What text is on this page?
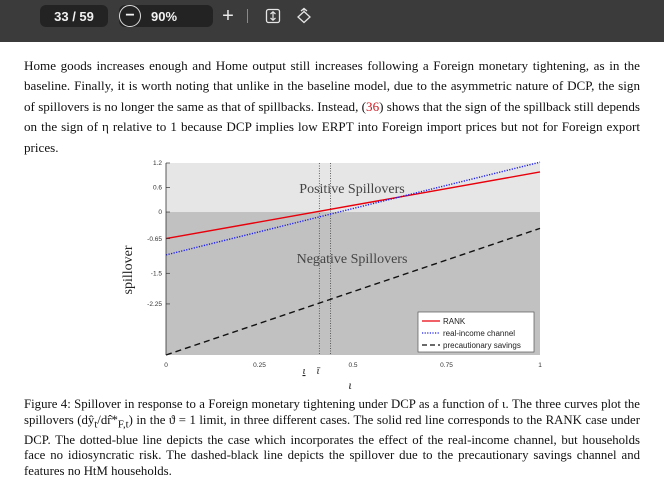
33
/ 59 − 90% +

Home goods increases enough and Home output still increases following a Foreign monetary tightening, as in the baseline. Finally, it is worth noting that unlike in the baseline model, due to the asymmetric nature of DCP, the sign of spillovers is no longer the same as that of spillbacks. Instead, (36) shows that the sign of the spillback still depends on the sign of η relative to 1 because DCP implies low ERPT into Foreign import prices but not for Foreign export prices.

1.2
0.6
0
-0.65
-1.5
-2.25
0	0.25	0.5	0.75	1
spillover
ι
ι ῑ
Positive Spillovers
Negative Spillovers
RANK
real-income channel
precautionary savings

Figure 4: Spillover in response to a Foreign monetary tightening under DCP as a function of ι. The three curves plot the spillovers $(dŷ_t/dr̂*_{F,t})$ in the ϑ = 1 limit, in three different cases. The solid red line corresponds to the RANK case under DCP. The dotted-blue line depicts the case which incorporates the effect of the real-income channel, but households face no idiosyncratic risk. The dashed-black line depicts the spillover due to the precautionary savings channel and features no HtM households.
